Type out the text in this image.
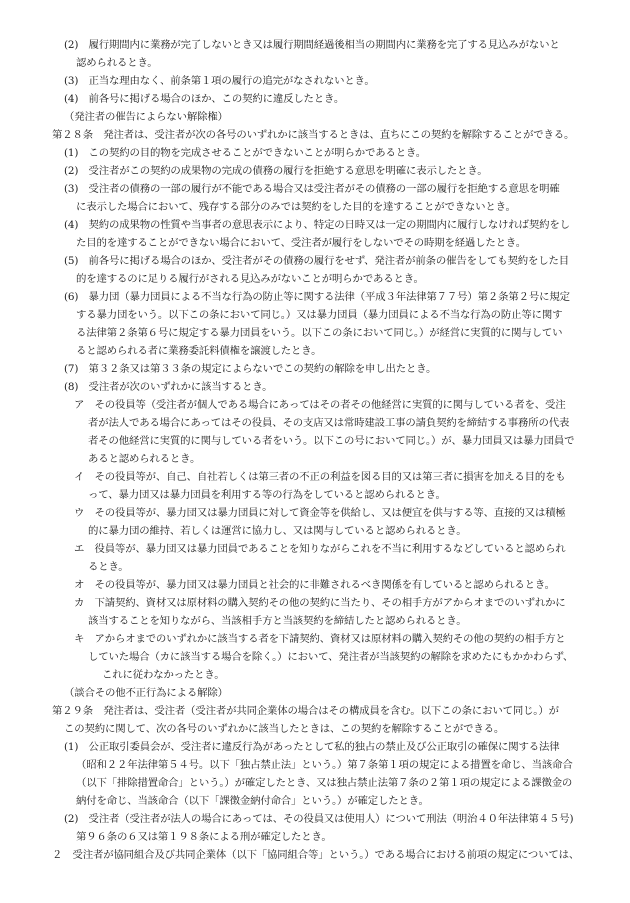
(2)　履行期間内に業務が完了しないとき又は履行期間経過後相当の期間内に業務を完了する見込みがないと
認められるとき。
(3)　正当な理由なく、前条第１項の履行の追完がなされないとき。
(4)　前各号に掲げる場合のほか、この契約に違反したとき。
（発注者の催告によらない解除権）
第２８条　発注者は、受注者が次の各号のいずれかに該当するときは、直ちにこの契約を解除することができる。
(1)　この契約の目的物を完成させることができないことが明らかであるとき。
(2)　受注者がこの契約の成果物の完成の債務の履行を拒絶する意思を明確に表示したとき。
(3)　受注者の債務の一部の履行が不能である場合又は受注者がその債務の一部の履行を拒絶する意思を明確
に表示した場合において、残存する部分のみでは契約をした目的を達することができないとき。
(4)　契約の成果物の性質や当事者の意思表示により、特定の日時又は一定の期間内に履行しなければ契約をし
た目的を達することができない場合において、受注者が履行をしないでその時期を経過したとき。
(5)　前各号に掲げる場合のほか、受注者がその債務の履行をせず、発注者が前条の催告をしても契約をした目
的を達するのに足りる履行がされる見込みがないことが明らかであるとき。
(6)　暴力団（暴力団員による不当な行為の防止等に関する法律（平成３年法律第７７号）第２条第２号に規定
する暴力団をいう。以下この条において同じ。）又は暴力団員（暴力団員による不当な行為の防止等に関す
る法律第２条第６号に規定する暴力団員をいう。以下この条において同じ。）が経営に実質的に関与してい
ると認められる者に業務委託料債権を譲渡したとき。
(7)　第３２条又は第３３条の規定によらないでこの契約の解除を申し出たとき。
(8)　受注者が次のいずれかに該当するとき。
ア　その役員等（受注者が個人である場合にあってはその者その他経営に実質的に関与している者を、受注
者が法人である場合にあってはその役員、その支店又は常時建設工事の請負契約を締結する事務所の代表
者その他経営に実質的に関与している者をいう。以下この号において同じ。）が、暴力団員又は暴力団員で
あると認められるとき。
イ　その役員等が、自己、自社若しくは第三者の不正の利益を図る目的又は第三者に損害を加える目的をも
って、暴力団又は暴力団員を利用する等の行為をしていると認められるとき。
ウ　その役員等が、暴力団又は暴力団員に対して資金等を供給し、又は便宜を供与する等、直接的又は積極
的に暴力団の維持、若しくは運営に協力し、又は関与していると認められるとき。
エ　役員等が、暴力団又は暴力団員であることを知りながらこれを不当に利用するなどしていると認められ
るとき。
オ　その役員等が、暴力団又は暴力団員と社会的に非難されるべき関係を有していると認められるとき。
カ　下請契約、資材又は原材料の購入契約その他の契約に当たり、その相手方がアからオまでのいずれかに
該当することを知りながら、当該相手方と当該契約を締結したと認められるとき。
キ　アからオまでのいずれかに該当する者を下請契約、資材又は原材料の購入契約その他の契約の相手方と
していた場合（カに該当する場合を除く。）において、発注者が当該契約の解除を求めたにもかかわらず、
これに従わなかったとき。
（談合その他不正行為による解除）
第２９条　発注者は、受注者（受注者が共同企業体の場合はその構成員を含む。以下この条において同じ。）が
この契約に関して、次の各号のいずれかに該当したときは、この契約を解除することができる。
(1)　公正取引委員会が、受注者に違反行為があったとして私的独占の禁止及び公正取引の確保に関する法律
（昭和２２年法律第５４号。以下「独占禁止法」という。）第７条第１項の規定による措置を命じ、当該命合
（以下「排除措置命合」という。）が確定したとき、又は独占禁止法第７条の２第１項の規定による課徴金の
納付を命じ、当該命合（以下「課徴金納付命合」という。）が確定したとき。
(2)　受注者（受注者が法人の場合にあっては、その役員又は使用人）について刑法（明治４０年法律第４５号)
第９６条の６又は第１９８条による刑が確定したとき。
２　受注者が協同組合及び共同企業体（以下「協同組合等」という。）である場合における前項の規定については、
